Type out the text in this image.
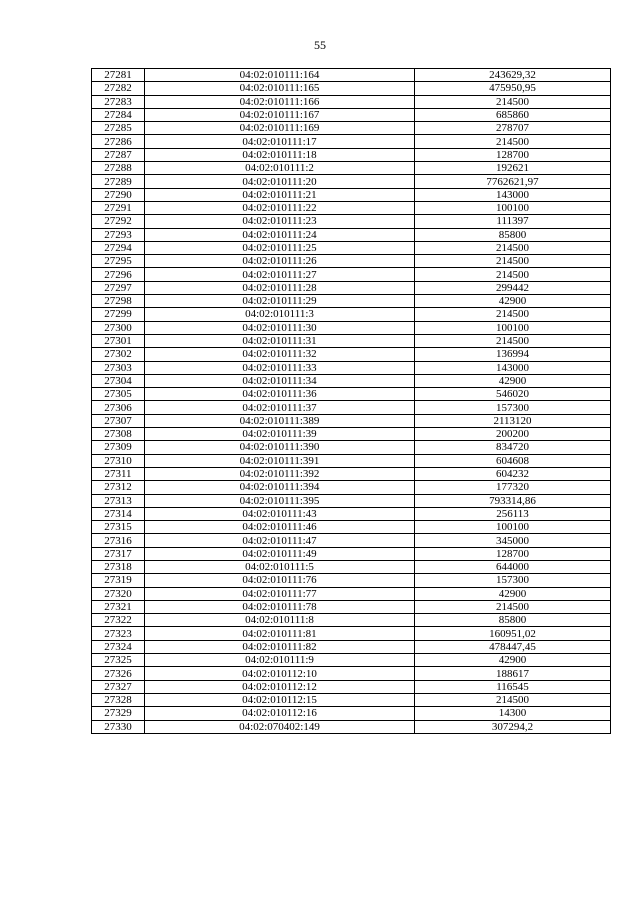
55
27281	04:02:010111:164	243629,32
27282	04:02:010111:165	475950,95
27283	04:02:010111:166	214500
27284	04:02:010111:167	685860
27285	04:02:010111:169	278707
27286	04:02:010111:17	214500
27287	04:02:010111:18	128700
27288	04:02:010111:2	192621
27289	04:02:010111:20	7762621,97
27290	04:02:010111:21	143000
27291	04:02:010111:22	100100
27292	04:02:010111:23	111397
27293	04:02:010111:24	85800
27294	04:02:010111:25	214500
27295	04:02:010111:26	214500
27296	04:02:010111:27	214500
27297	04:02:010111:28	299442
27298	04:02:010111:29	42900
27299	04:02:010111:3	214500
27300	04:02:010111:30	100100
27301	04:02:010111:31	214500
27302	04:02:010111:32	136994
27303	04:02:010111:33	143000
27304	04:02:010111:34	42900
27305	04:02:010111:36	546020
27306	04:02:010111:37	157300
27307	04:02:010111:389	2113120
27308	04:02:010111:39	200200
27309	04:02:010111:390	834720
27310	04:02:010111:391	604608
27311	04:02:010111:392	604232
27312	04:02:010111:394	177320
27313	04:02:010111:395	793314,86
27314	04:02:010111:43	256113
27315	04:02:010111:46	100100
27316	04:02:010111:47	345000
27317	04:02:010111:49	128700
27318	04:02:010111:5	644000
27319	04:02:010111:76	157300
27320	04:02:010111:77	42900
27321	04:02:010111:78	214500
27322	04:02:010111:8	85800
27323	04:02:010111:81	160951,02
27324	04:02:010111:82	478447,45
27325	04:02:010111:9	42900
27326	04:02:010112:10	188617
27327	04:02:010112:12	116545
27328	04:02:010112:15	214500
27329	04:02:010112:16	14300
27330	04:02:070402:149	307294,2
